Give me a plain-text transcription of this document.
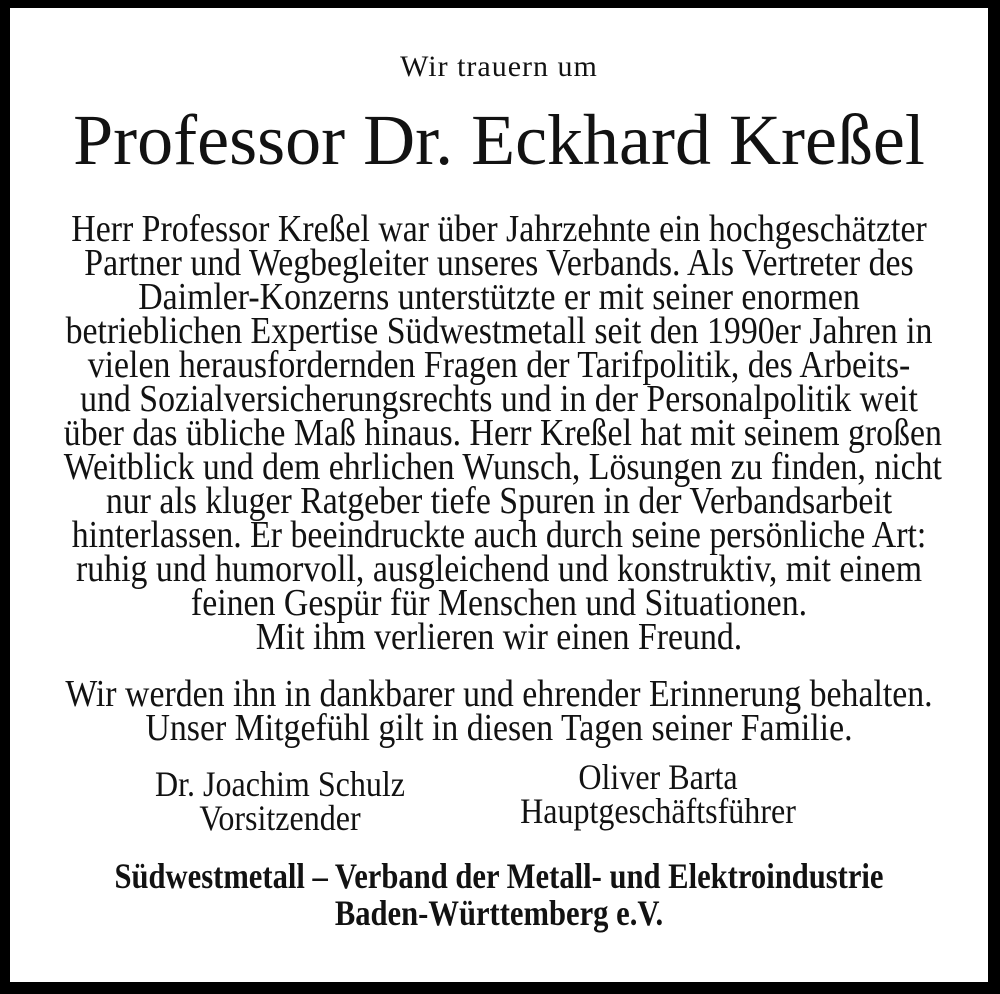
Wir trauern um
Professor Dr. Eckhard Kreßel
Herr Professor Kreßel war über Jahrzehnte ein hochgeschätzter
Partner und Wegbegleiter unseres Verbands. Als Vertreter des
Daimler-Konzerns unterstützte er mit seiner enormen
betrieblichen Expertise Südwestmetall seit den 1990er Jahren in
vielen herausfordernden Fragen der Tarifpolitik, des Arbeits-
und Sozialversicherungsrechts und in der Personalpolitik weit
über das übliche Maß hinaus. Herr Kreßel hat mit seinem großen
Weitblick und dem ehrlichen Wunsch, Lösungen zu finden, nicht
nur als kluger Ratgeber tiefe Spuren in der Verbandsarbeit
hinterlassen. Er beeindruckte auch durch seine persönliche Art:
ruhig und humorvoll, ausgleichend und konstruktiv, mit einem
feinen Gespür für Menschen und Situationen.
Mit ihm verlieren wir einen Freund.
Wir werden ihn in dankbarer und ehrender Erinnerung behalten.
Unser Mitgefühl gilt in diesen Tagen seiner Familie.
Dr. Joachim Schulz
Vorsitzender
Oliver Barta
Hauptgeschäftsführer
Südwestmetall – Verband der Metall- und Elektroindustrie
Baden-Württemberg e.V.
